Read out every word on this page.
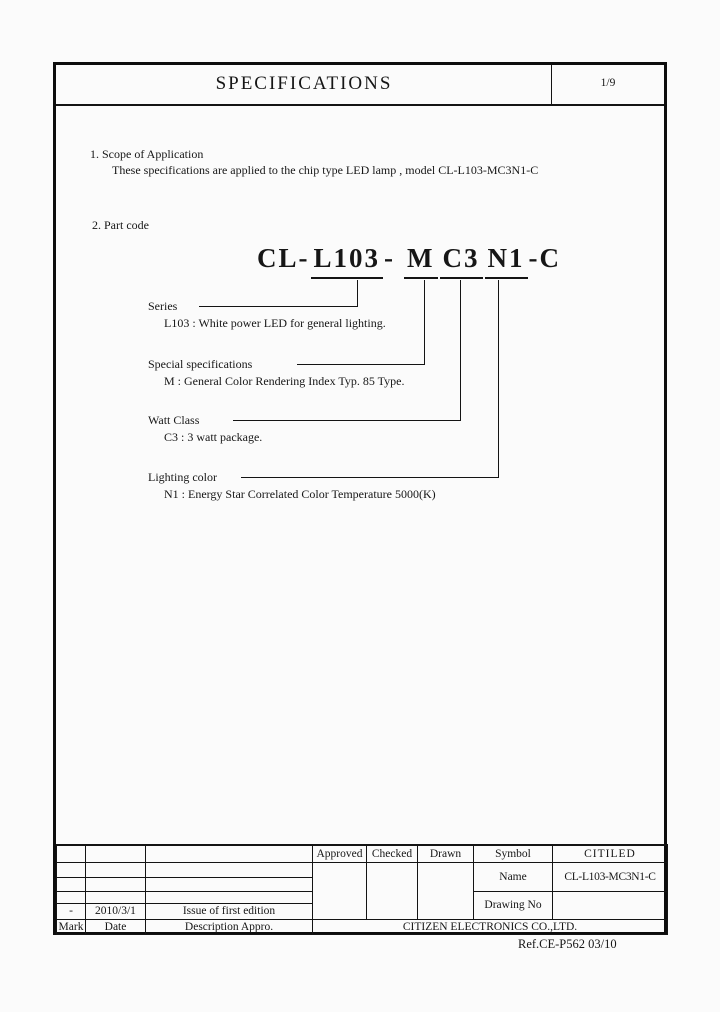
SPECIFICATIONS	1/9
1. Scope of Application
These specifications are applied to the chip type LED lamp , model CL-L103-MC3N1-C
2. Part code
CL- L103 - M C3 N1 -C
Series
L103 : White power LED for general lighting.
Special specifications
M : General Color Rendering Index Typ. 85 Type.
Watt Class
C3 : 3 watt package.
Lighting color
N1 : Energy Star Correlated Color Temperature 5000(K)
			Approved	Checked	Drawn	Symbol	CITILED
						Name	CL-L103-MC3N1-C

						Drawing No	
-	2010/3/1	Issue of first edition					
Mark	Date	Description Appro.	CITIZEN ELECTRONICS CO.,LTD.				
Ref.CE-P562 03/10
